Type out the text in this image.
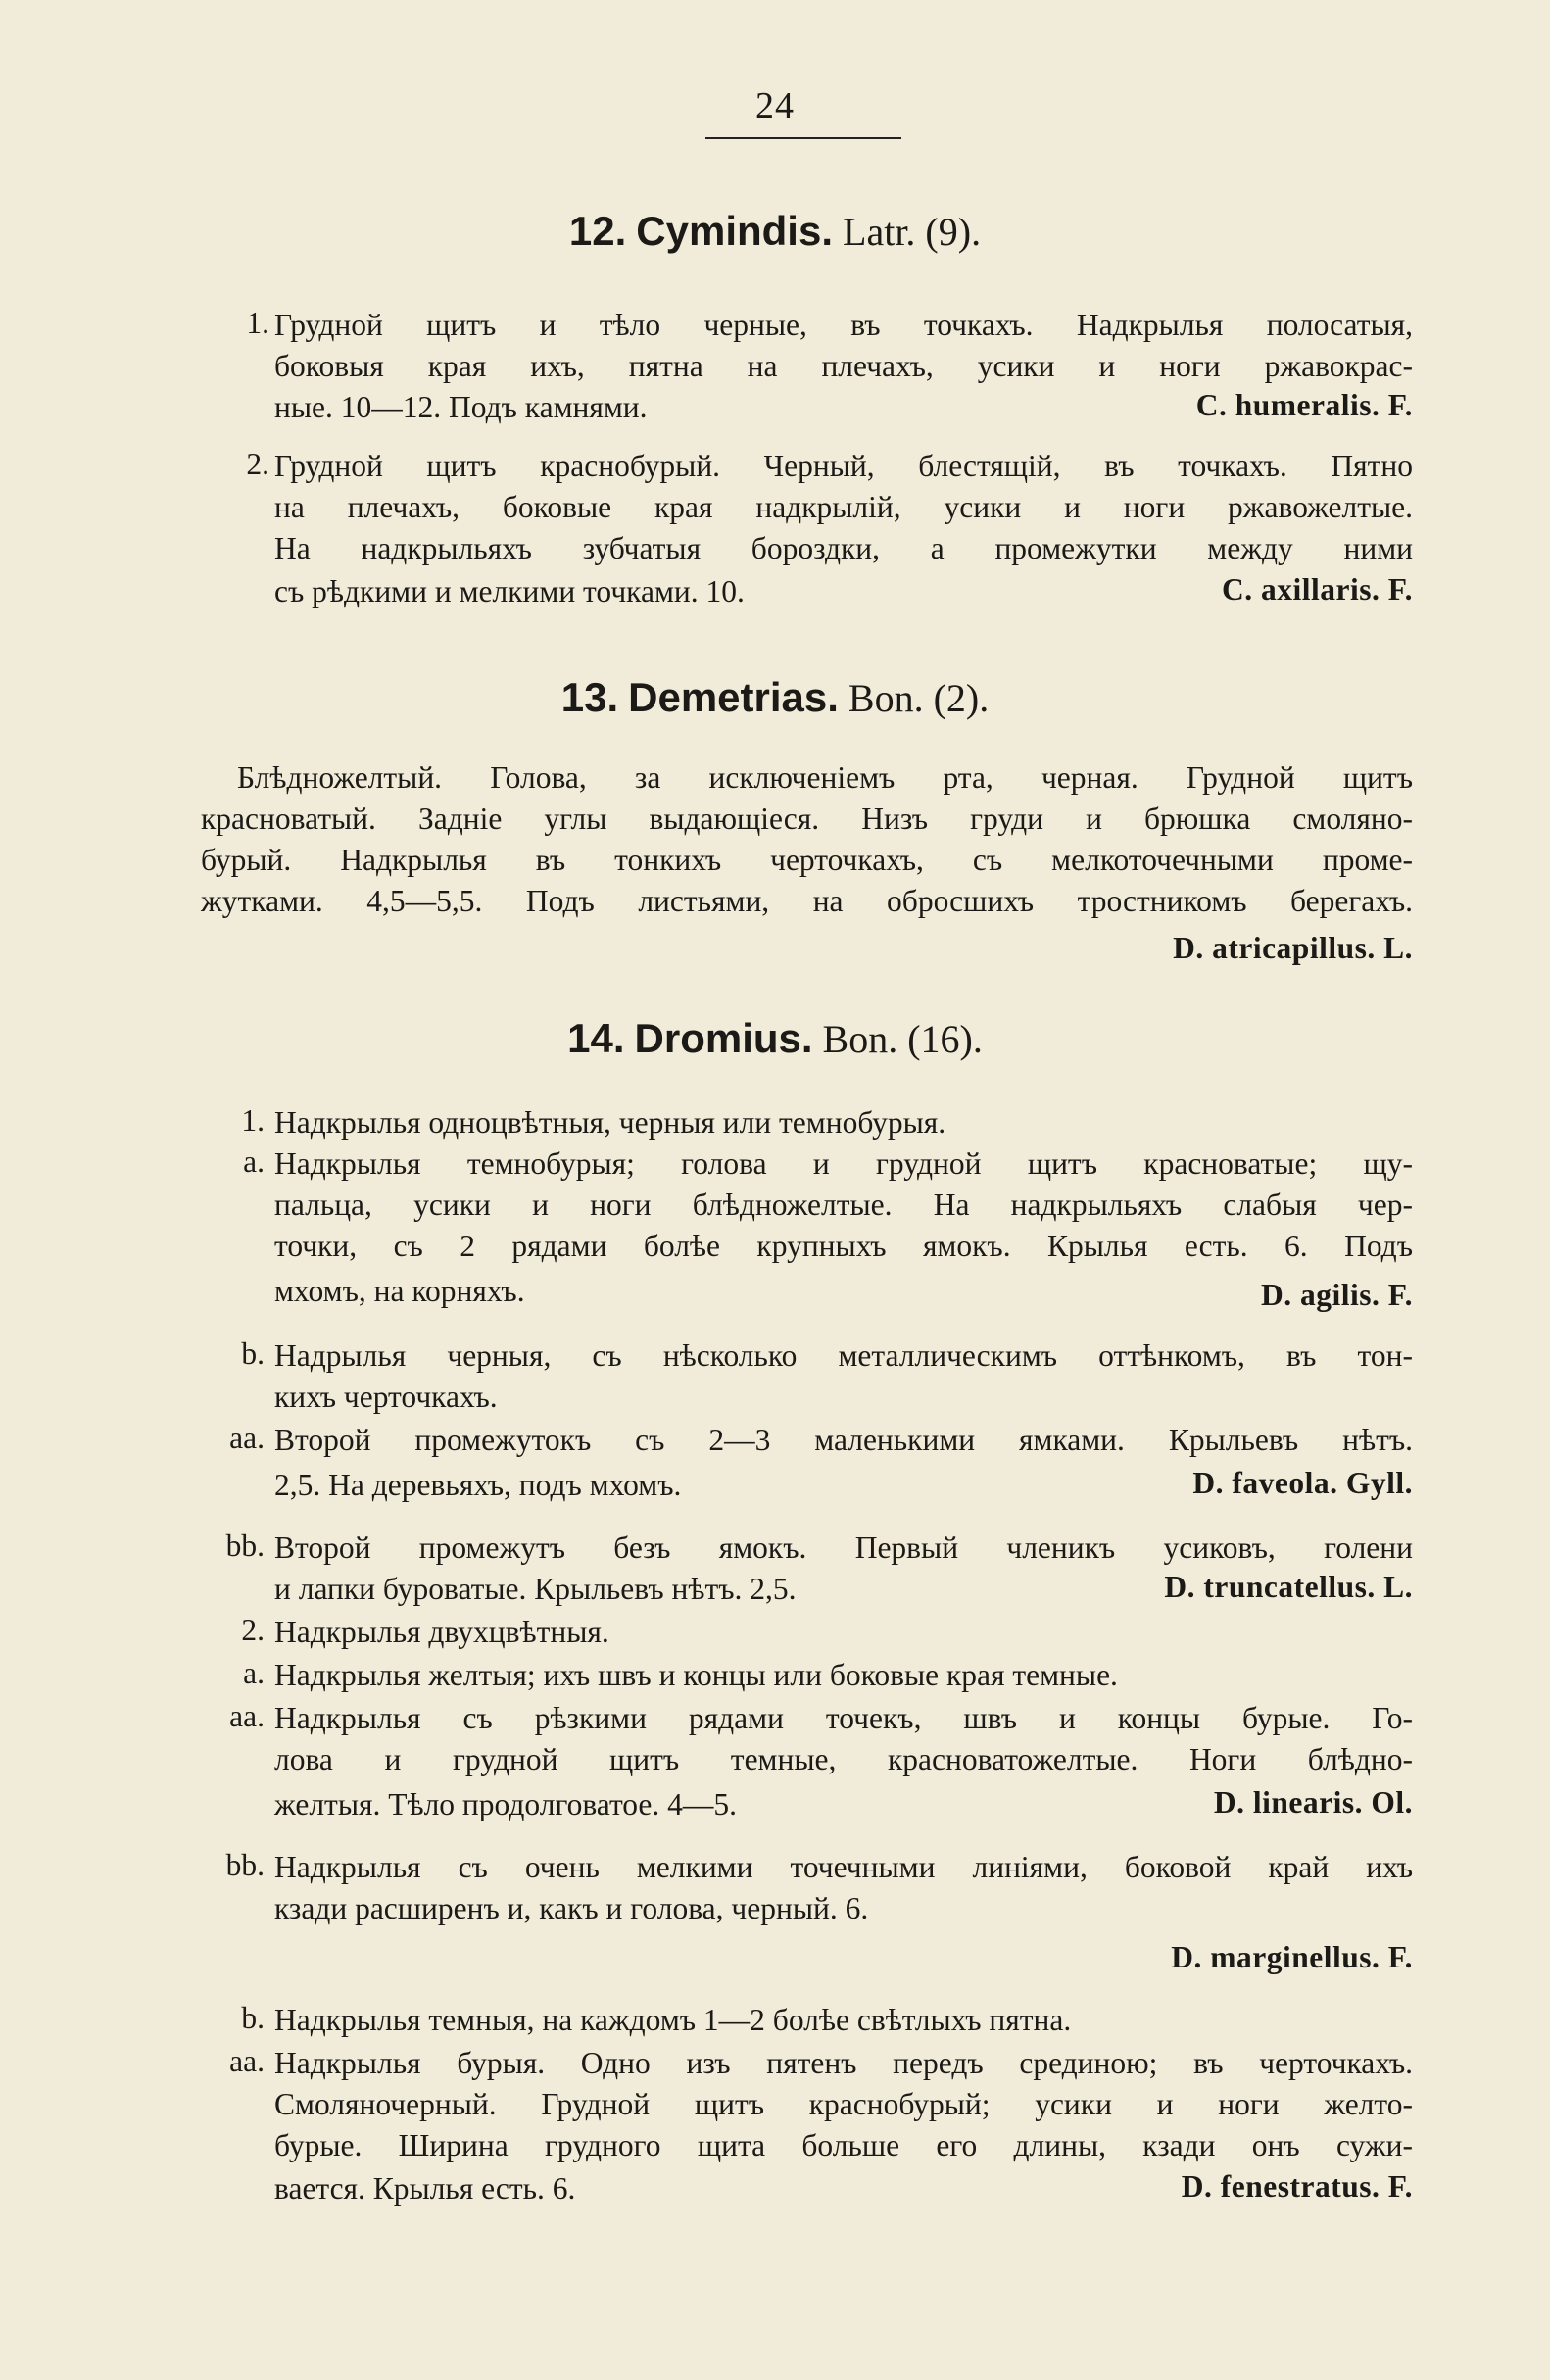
24
12. Cymindis. Latr. (9).
1. Грудной щитъ и тѣло черные, въ точкахъ. Надкрылья полосатыя,
боковыя края ихъ, пятна на плечахъ, усики и ноги ржавокрас-
ные. 10—12. Подъ камнями.	C. humeralis. F.
2. Грудной щитъ краснобурый. Черный, блестящій, въ точкахъ. Пятно
на плечахъ, боковые края надкрылій, усики и ноги ржавожелтые.
На надкрыльяхъ зубчатыя бороздки, а промежутки между ними
съ рѣдкими и мелкими точками. 10.	C. axillaris. F.
13. Demetrias. Bon. (2).
Блѣдножелтый. Голова, за исключеніемъ рта, черная. Грудной щитъ
красноватый. Задніе углы выдающіеся. Низъ груди и брюшка смоляно-
бурый. Надкрылья въ тонкихъ черточкахъ, съ мелкоточечными проме-
жутками. 4,5—5,5. Подъ листьями, на обросшихъ тростникомъ берегахъ.
D. atricapillus. L.
14. Dromius. Bon. (16).
1. Надкрылья одноцвѣтныя, черныя или темнобурыя.
a. Надкрылья темнобурыя; голова и грудной щитъ красноватые; щу-
пальца, усики и ноги блѣдножелтые. На надкрыльяхъ слабыя чер-
точки, съ 2 рядами болѣе крупныхъ ямокъ. Крылья есть. 6. Подъ
мхомъ, на корняхъ.	D. agilis. F.
b. Надрылья черныя, съ нѣсколько металлическимъ оттѣнкомъ, въ тон-
кихъ черточкахъ.
aa. Второй промежутокъ съ 2—3 маленькими ямками. Крыльевъ нѣтъ.
2,5. На деревьяхъ, подъ мхомъ.	D. faveola. Gyll.
bb. Второй промежутъ безъ ямокъ. Первый членикъ усиковъ, голени
и лапки буроватые. Крыльевъ нѣтъ. 2,5.	D. truncatellus. L.
2. Надкрылья двухцвѣтныя.
a. Надкрылья желтыя; ихъ швъ и концы или боковые края темные.
aa. Надкрылья съ рѣзкими рядами точекъ, швъ и концы бурые. Го-
лова и грудной щитъ темные, красноватожелтые. Ноги блѣдно-
желтыя. Тѣло продолговатое. 4—5.	D. linearis. Ol.
bb. Надкрылья съ очень мелкими точечными линіями, боковой край ихъ
кзади расширенъ и, какъ и голова, черный. 6.
D. marginellus. F.
b. Надкрылья темныя, на каждомъ 1—2 болѣе свѣтлыхъ пятна.
aa. Надкрылья бурыя. Одно изъ пятенъ передъ срединою; въ черточкахъ.
Смоляночерный. Грудной щитъ краснобурый; усики и ноги желто-
бурые. Ширина грудного щита больше его длины, кзади онъ сужи-
вается. Крылья есть. 6.	D. fenestratus. F.
